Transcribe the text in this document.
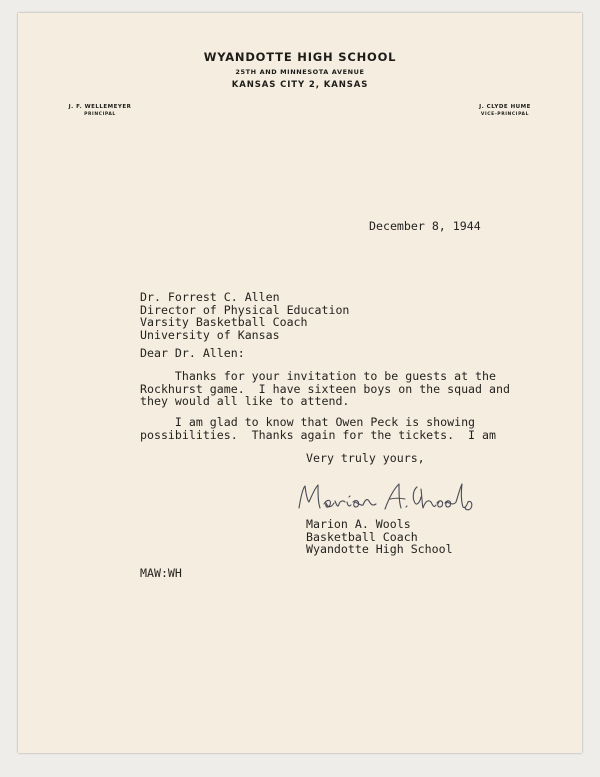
WYANDOTTE HIGH SCHOOL
25TH AND MINNESOTA AVENUE
KANSAS CITY 2, KANSAS
J. F. WELLEMEYER
PRINCIPAL
J. CLYDE HUME
VICE-PRINCIPAL
December 8, 1944
Dr. Forrest C. Allen
Director of Physical Education
Varsity Basketball Coach
University of Kansas
Dear Dr. Allen:
Thanks for your invitation to be guests at the
Rockhurst game.  I have sixteen boys on the squad and
they would all like to attend.
I am glad to know that Owen Peck is showing
possibilities.  Thanks again for the tickets.  I am
Very truly yours,
Marion A. Wools
Basketball Coach
Wyandotte High School
MAW:WH
